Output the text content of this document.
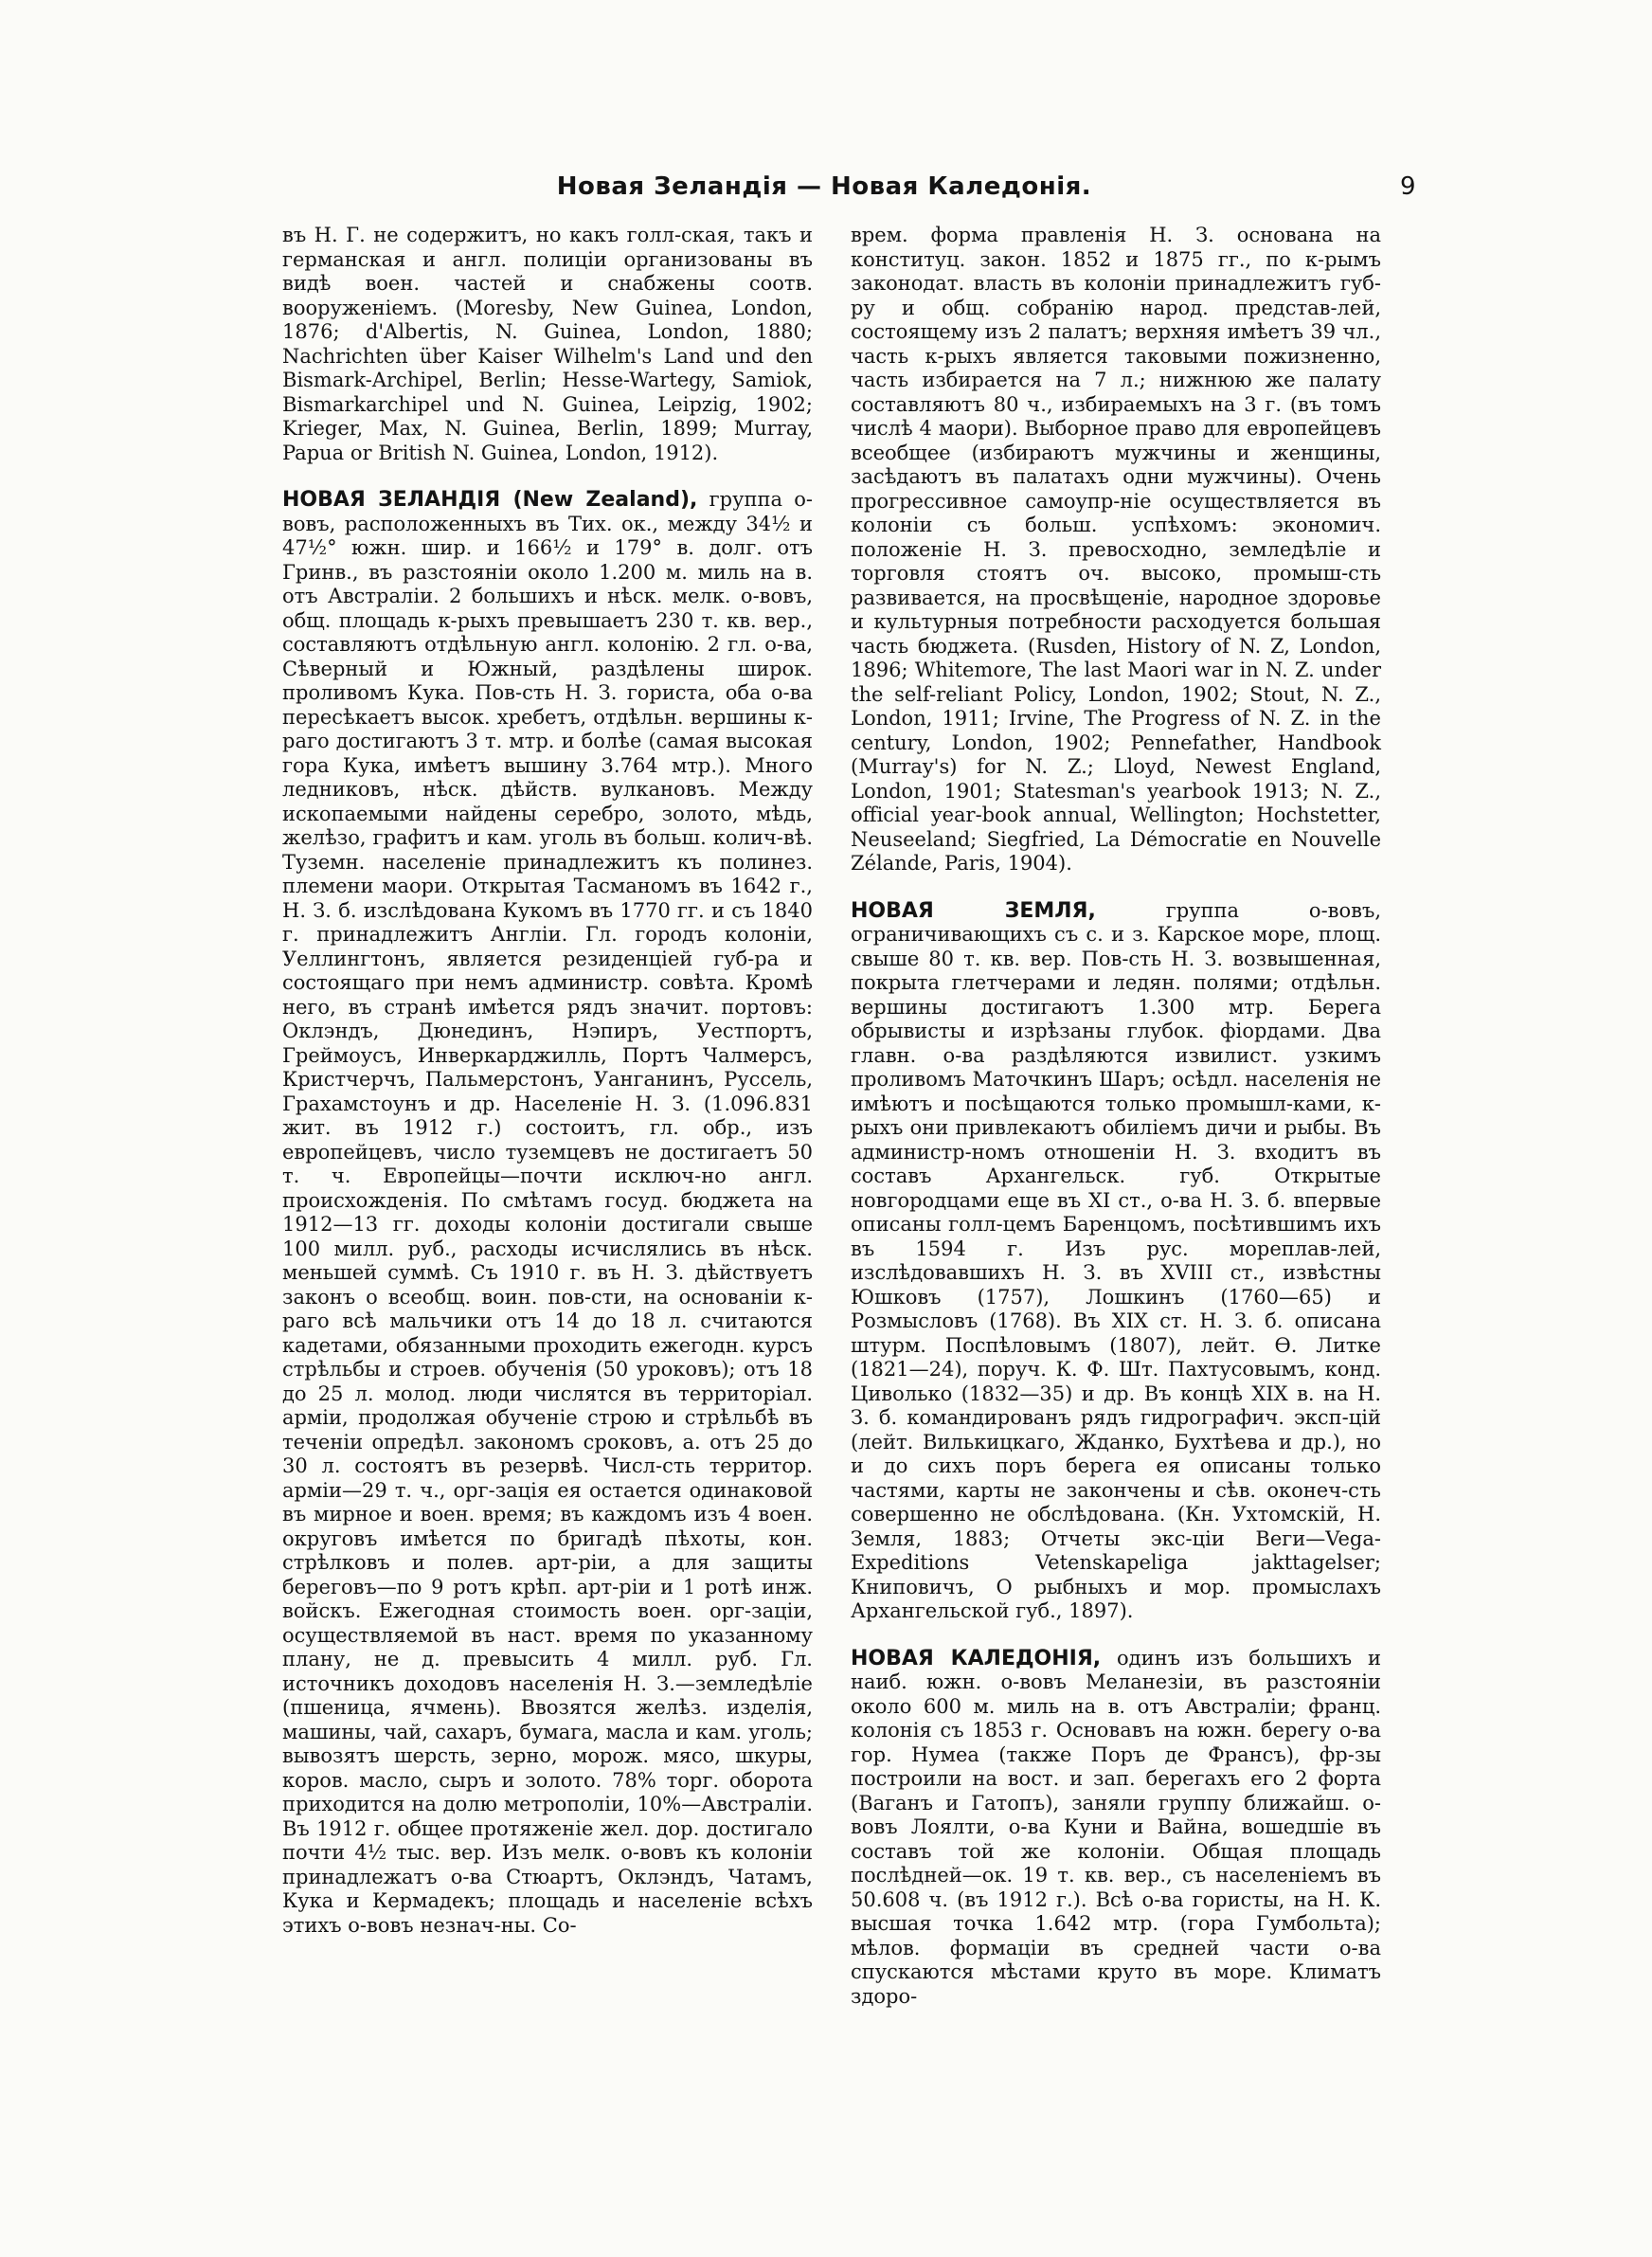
Новая Зеландія — Новая Каледонія.	9

въ Н. Г. не содержитъ, но какъ голл-ская, такъ и германская и англ. полиціи организованы въ видѣ воен. частей и снабжены соотв. вооруженіемъ. (Moresby, New Guinea, London, 1876; d'Albertis, N. Guinea, London, 1880; Nachrichten über Kaiser Wilhelm's Land und den Bismark-Archipel, Berlin; Hesse-Wartegy, Samiok, Bismarkarchipel und N. Guinea, Leipzig, 1902; Krieger, Max, N. Guinea, Berlin, 1899; Murray, Papua or British N. Guinea, London, 1912).

НОВАЯ ЗЕЛАНДІЯ (New Zealand), группа о-вовъ, расположенныхъ въ Тих. ок., между 34½ и 47½° южн. шир. и 166½ и 179° в. долг. отъ Гринв., въ разстояніи около 1.200 м. миль на в. отъ Австраліи. 2 большихъ и нѣск. мелк. о-вовъ, общ. площадь к-рыхъ превышаетъ 230 т. кв. вер., составляютъ отдѣльную англ. колонію. 2 гл. о-ва, Сѣверный и Южный, раздѣлены широк. проливомъ Кука. Пов-сть Н. З. гориста, оба о-ва пересѣкаетъ высок. хребетъ, отдѣльн. вершины к-раго достигаютъ 3 т. мтр. и болѣе (самая высокая гора Кука, имѣетъ вышину 3.764 мтр.). Много ледниковъ, нѣск. дѣйств. вулкановъ. Между ископаемыми найдены серебро, золото, мѣдь, желѣзо, графитъ и кам. уголь въ больш. колич-вѣ. Туземн. населеніе принадлежитъ къ полинез. племени маори. Открытая Тасманомъ въ 1642 г., Н. З. б. изслѣдована Кукомъ въ 1770 гг. и съ 1840 г. принадлежитъ Англіи. Гл. городъ колоніи, Уеллингтонъ, является резиденціей губ-ра и состоящаго при немъ администр. совѣта. Кромѣ него, въ странѣ имѣется рядъ значит. портовъ: Оклэндъ, Дюнединъ, Нэпиръ, Уестпортъ, Греймоусъ, Инверкарджилль, Портъ Чалмерсъ, Кристчерчъ, Пальмерстонъ, Уанганинъ, Руссель, Грахамстоунъ и др. Населеніе Н. З. (1.096.831 жит. въ 1912 г.) состоитъ, гл. обр., изъ европейцевъ, число туземцевъ не достигаетъ 50 т. ч. Европейцы—почти исключ-но англ. происхожденія. По смѣтамъ госуд. бюджета на 1912—13 гг. доходы колоніи достигали свыше 100 милл. руб., расходы исчислялись въ нѣск. меньшей суммѣ. Съ 1910 г. въ Н. З. дѣйствуетъ законъ о всеобщ. воин. пов-сти, на основаніи к-раго всѣ мальчики отъ 14 до 18 л. считаются кадетами, обязанными проходить ежегодн. курсъ стрѣльбы и строев. обученія (50 уроковъ); отъ 18 до 25 л. молод. люди числятся въ территоріал. арміи, продолжая обученіе строю и стрѣльбѣ въ теченіи опредѣл. закономъ сроковъ, а. отъ 25 до 30 л. состоятъ въ резервѣ. Числ-сть территор. арміи—29 т. ч., орг-зація ея остается одинаковой въ мирное и воен. время; въ каждомъ изъ 4 воен. округовъ имѣется по бригадѣ пѣхоты, кон. стрѣлковъ и полев. арт-ріи, а для защиты береговъ—по 9 ротъ крѣп. арт-ріи и 1 ротѣ инж. войскъ. Ежегодная стоимость воен. орг-заціи, осуществляемой въ наст. время по указанному плану, не д. превысить 4 милл. руб. Гл. источникъ доходовъ населенія Н. З.—земледѣліе (пшеница, ячмень). Ввозятся желѣз. изделія, машины, чай, сахаръ, бумага, масла и кам. уголь; вывозятъ шерсть, зерно, морож. мясо, шкуры, коров. масло, сыръ и золото. 78% торг. оборота приходится на долю метрополіи, 10%—Австраліи. Въ 1912 г. общее протяженіе жел. дор. достигало почти 4½ тыс. вер. Изъ мелк. о-вовъ къ колоніи принадлежатъ о-ва Стюартъ, Оклэндъ, Чатамъ, Кука и Кермадекъ; площадь и населеніе всѣхъ этихъ о-вовъ незнач-ны. Со-

врем. форма правленія Н. З. основана на конституц. закон. 1852 и 1875 гг., по к-рымъ законодат. власть въ колоніи принадлежитъ губ-ру и общ. собранію народ. представ-лей, состоящему изъ 2 палатъ; верхняя имѣетъ 39 чл., часть к-рыхъ является таковыми пожизненно, часть избирается на 7 л.; нижнюю же палату составляютъ 80 ч., избираемыхъ на 3 г. (въ томъ числѣ 4 маори). Выборное право для европейцевъ всеобщее (избираютъ мужчины и женщины, засѣдаютъ въ палатахъ одни мужчины). Очень прогрессивное самоупр-ніе осуществляется въ колоніи съ больш. успѣхомъ: экономич. положеніе Н. З. превосходно, земледѣліе и торговля стоятъ оч. высоко, промыш-сть развивается, на просвѣщеніе, народное здоровье и культурныя потребности расходуется большая часть бюджета. (Rusden, History of N. Z, London, 1896; Whitemore, The last Maori war in N. Z. under the self-reliant Policy, London, 1902; Stout, N. Z., London, 1911; Irvine, The Progress of N. Z. in the century, London, 1902; Pennefather, Handbook (Murray's) for N. Z.; Lloyd, Newest England, London, 1901; Statesman's yearbook 1913; N. Z., official year-book annual, Wellington; Hochstetter, Neuseeland; Siegfried, La Démocratie en Nouvelle Zélande, Paris, 1904).

НОВАЯ ЗЕМЛЯ,	группа о-вовъ, ограничивающихъ съ с. и з. Карское море, площ. свыше 80 т. кв. вер. Пов-сть Н. З. возвышенная, покрыта глетчерами и ледян. полями; отдѣльн. вершины достигаютъ 1.300 мтр. Берега обрывисты и изрѣзаны глубок. фіордами. Два главн. о-ва раздѣляются извилист. узкимъ проливомъ Маточкинъ Шаръ; осѣдл. населенія не имѣютъ и посѣщаются только промышл-ками, к-рыхъ они привлекаютъ обиліемъ дичи и рыбы. Въ администр-номъ отношеніи Н. З. входитъ въ составъ Архангельск. губ. Открытые новгородцами еще въ XI ст., о-ва Н. З. б. впервые описаны голл-цемъ Баренцомъ, посѣтившимъ ихъ въ 1594 г. Изъ рус. мореплав-лей, изслѣдовавшихъ Н. З. въ XVIII ст., извѣстны Юшковъ (1757), Лошкинъ (1760—65) и Розмысловъ (1768). Въ XIX ст. Н. З. б. описана штурм. Поспѣловымъ (1807), лейт. Ѳ. Литке (1821—24), поруч. К. Ф. Шт. Пахтусовымъ, конд. Циволько (1832—35) и др. Въ концѣ XIX в. на Н. З. б. командированъ рядъ гидрографич. эксп-цій (лейт. Вилькицкаго, Жданко, Бухтѣева и др.), но и до сихъ поръ берега ея описаны только частями, карты не закончены и сѣв. оконеч-сть совершенно не обслѣдована. (Кн. Ухтомскій, Н. Земля, 1883; Отчеты экс-ціи Веги—Vega-Expeditions Vetenskapeliga jakttagelser; Книповичъ, О рыбныхъ и мор. промыслахъ Архангельской губ., 1897).

НОВАЯ КАЛЕДОНІЯ, одинъ изъ большихъ и наиб. южн. о-вовъ Меланезіи, въ разстояніи около 600 м. миль на в. отъ Австраліи; франц. колонія съ 1853 г. Основавъ на южн. берегу о-ва гор. Нумеа (также Поръ де Франсъ), фр-зы построили на вост. и зап. берегахъ его 2 форта (Ваганъ и Гатопъ), заняли группу ближайш. о-вовъ Лоялти, о-ва Куни и Вайна, вошедшіе въ составъ той же колоніи. Общая площадь послѣдней—ок. 19 т. кв. вер., съ населеніемъ въ 50.608 ч. (въ 1912 г.). Всѣ о-ва гористы, на Н. К. высшая точка 1.642 мтр. (гора Гумбольта); мѣлов. формаціи въ средней части о-ва спускаются мѣстами круто въ море. Климатъ здоро-
